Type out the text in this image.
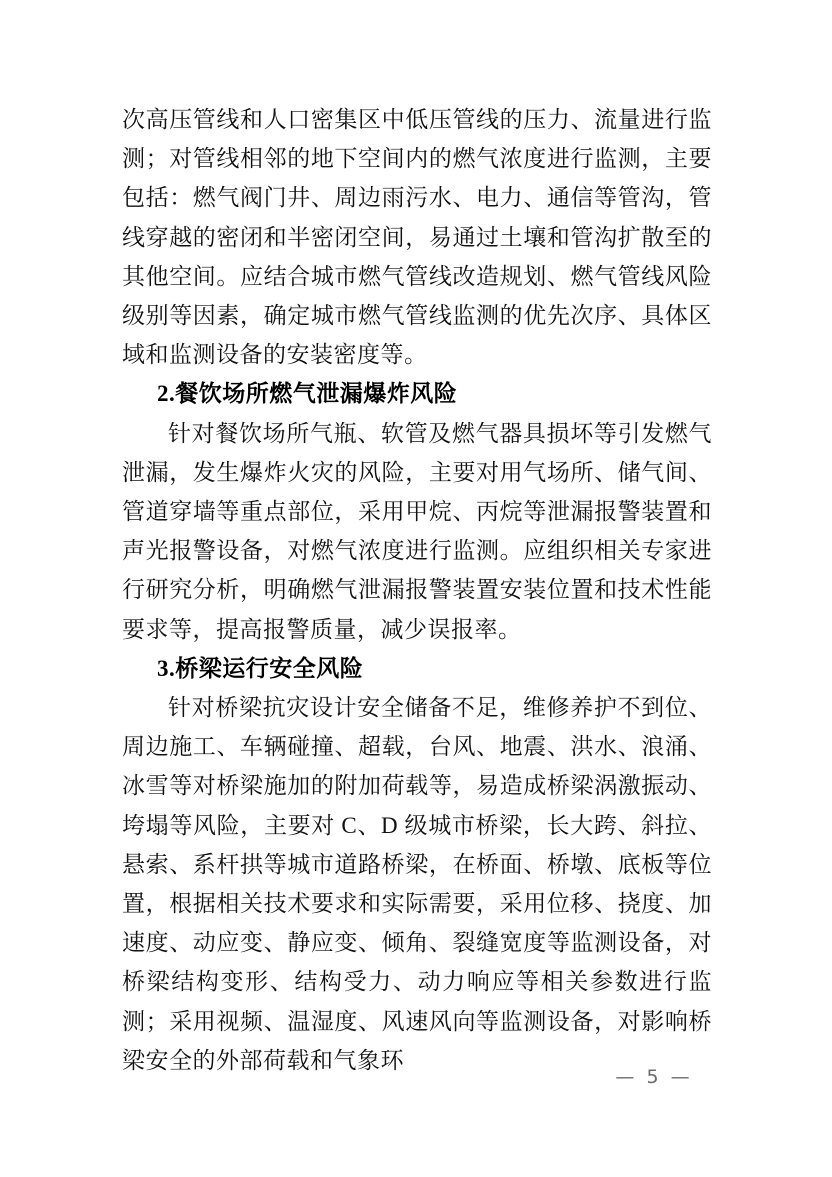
次高压管线和人口密集区中低压管线的压力、流量进行监测；对管线相邻的地下空间内的燃气浓度进行监测，主要包括：燃气阀门井、周边雨污水、电力、通信等管沟，管线穿越的密闭和半密闭空间，易通过土壤和管沟扩散至的其他空间。应结合城市燃气管线改造规划、燃气管线风险级别等因素，确定城市燃气管线监测的优先次序、具体区域和监测设备的安装密度等。

2.餐饮场所燃气泄漏爆炸风险

针对餐饮场所气瓶、软管及燃气器具损坏等引发燃气泄漏，发生爆炸火灾的风险，主要对用气场所、储气间、管道穿墙等重点部位，采用甲烷、丙烷等泄漏报警装置和声光报警设备，对燃气浓度进行监测。应组织相关专家进行研究分析，明确燃气泄漏报警装置安装位置和技术性能要求等，提高报警质量，减少误报率。

3.桥梁运行安全风险

针对桥梁抗灾设计安全储备不足，维修养护不到位、周边施工、车辆碰撞、超载，台风、地震、洪水、浪涌、冰雪等对桥梁施加的附加荷载等，易造成桥梁涡激振动、垮塌等风险，主要对 C、D 级城市桥梁，长大跨、斜拉、悬索、系杆拱等城市道路桥梁，在桥面、桥墩、底板等位置，根据相关技术要求和实际需要，采用位移、挠度、加速度、动应变、静应变、倾角、裂缝宽度等监测设备，对桥梁结构变形、结构受力、动力响应等相关参数进行监测；采用视频、温湿度、风速风向等监测设备，对影响桥梁安全的外部荷载和气象环

— 5 —
